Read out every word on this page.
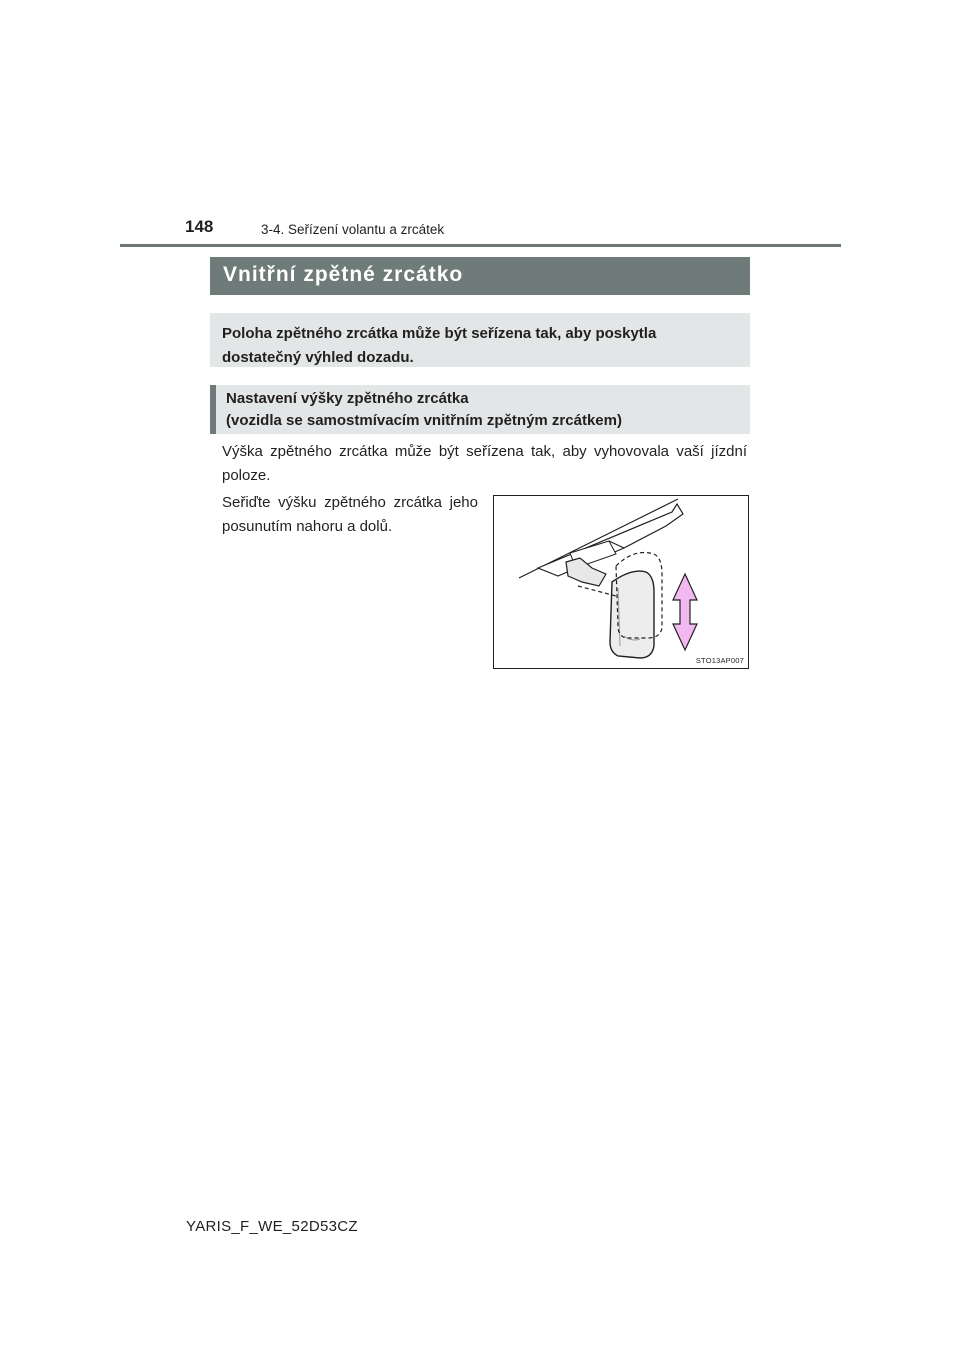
148	3-4. Seřízení volantu a zrcátek
Vnitřní zpětné zrcátko
Poloha zpětného zrcátka může být seřízena tak, aby poskytla dostatečný výhled dozadu.
Nastavení výšky zpětného zrcátka
(vozidla se samostmívacím vnitřním zpětným zrcátkem)
Výška zpětného zrcátka může být seřízena tak, aby vyhovovala vaší jízdní poloze.
Seřiďte výšku zpětného zrcátka jeho posunutím nahoru a dolů.
STO13AP007
YARIS_F_WE_52D53CZ
